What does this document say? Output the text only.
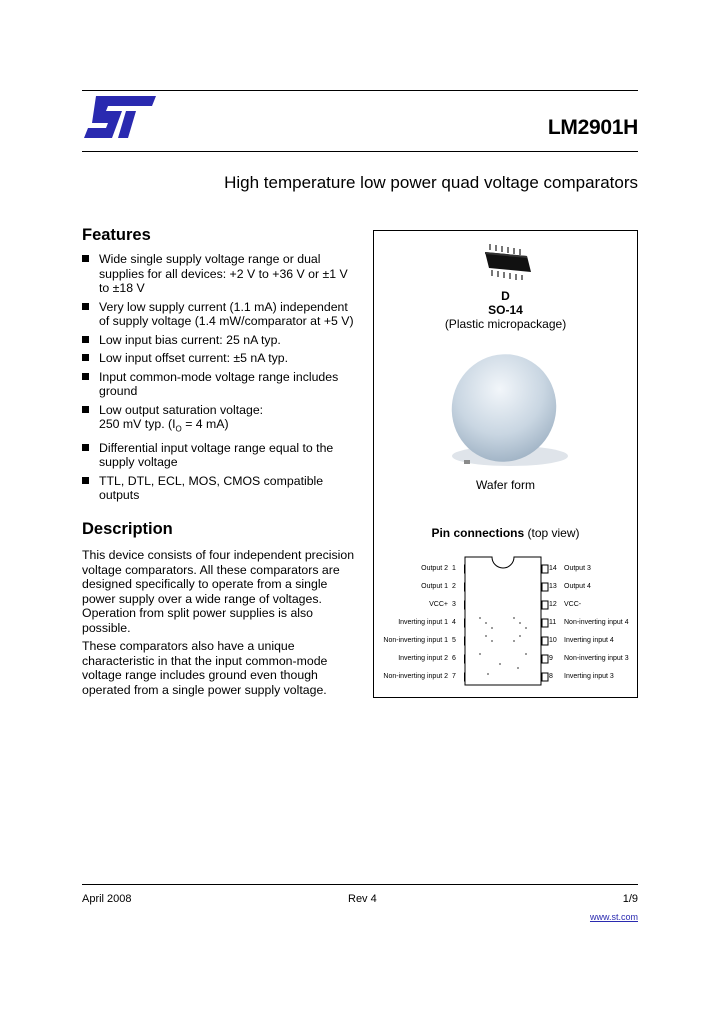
LM2901H
High temperature low power quad voltage comparators
Features
Wide single supply voltage range or dual
supplies for all devices: +2 V to +36 V or ±1 V
to ±18 V
Very low supply current (1.1 mA) independent
of supply voltage (1.4 mW/comparator at +5 V)
Low input bias current: 25 nA typ.
Low input offset current: ±5 nA typ.
Input common-mode voltage range includes
ground
Low output saturation voltage:
250 mV typ. ($I_O = 4$ mA)
Differential input voltage range equal to the
supply voltage
TTL, DTL, ECL, MOS, CMOS compatible
outputs
Description

This device consists of four independent precision
voltage comparators. All these comparators are
designed specifically to operate from a single
power supply over a wide range of voltages.
Operation from split power supplies is also
possible.

These comparators also have a unique
characteristic in that the input common-mode
voltage range includes ground even though
operated from a single power supply voltage.

D
SO-14
(Plastic micropackage)
Wafer form
Pin connections (top view)
Output 2
Output 1
VCC+
Inverting input 1
Non-inverting input 1
Inverting input 2
Non-inverting input 2
1
2
3
4
5
6
7
14
13
12
11
10
9
8
Output 3
Output 4
VCC-
Non-inverting input 4
Inverting input 4
Non-inverting input 3
Inverting input 3
April 2008	Rev 4	1/9
www.st.com
